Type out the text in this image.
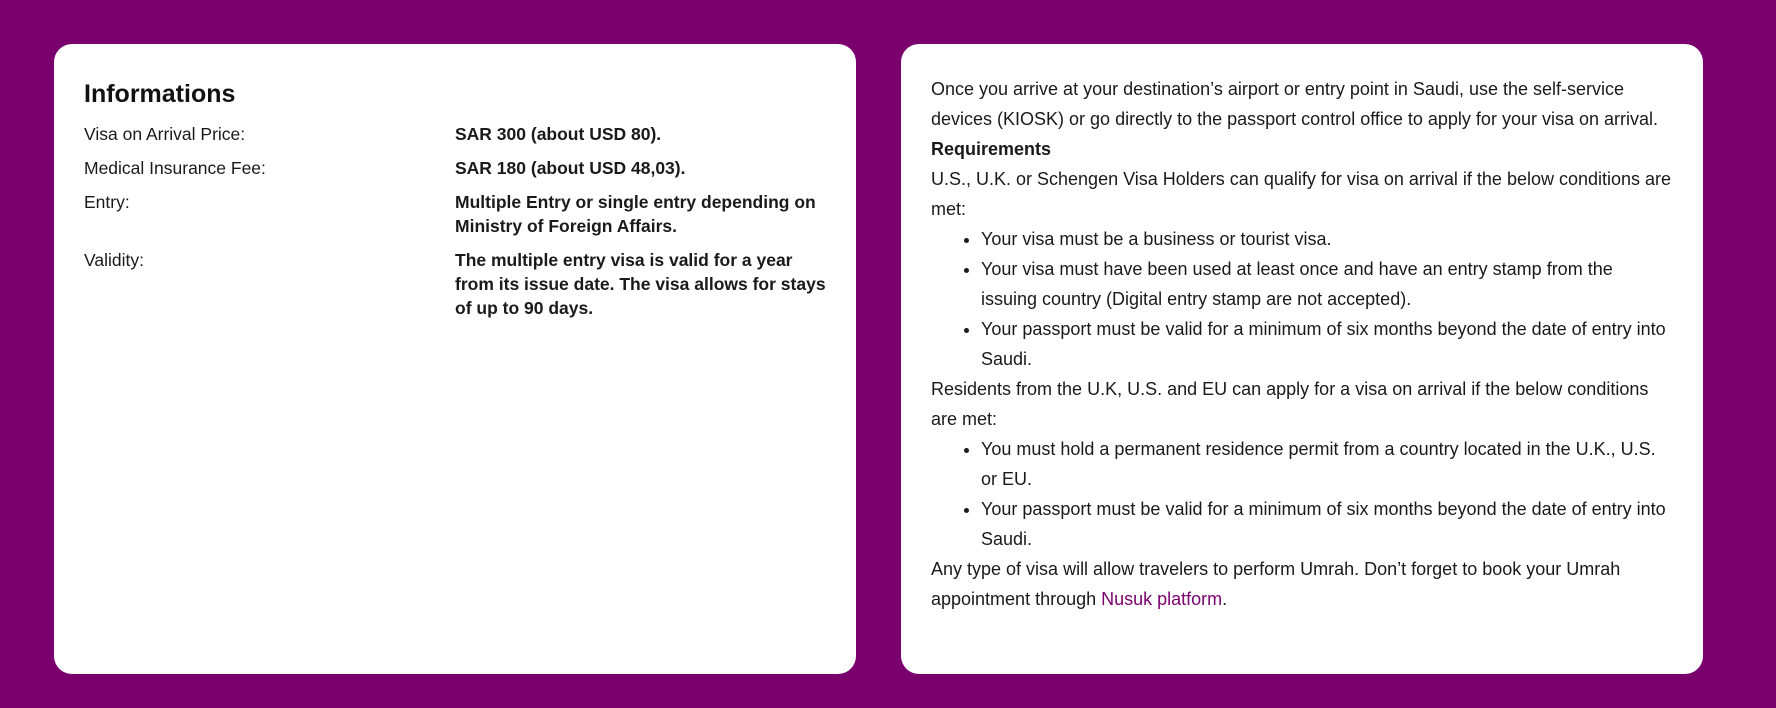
Informations
Visa on Arrival Price:	SAR 300 (about USD 80).
Medical Insurance Fee:	SAR 180 (about USD 48,03).
Entry:	Multiple Entry or single entry depending on Ministry of Foreign Affairs.
Validity:	The multiple entry visa is valid for a year from its issue date. The visa allows for stays of up to 90 days.

Once you arrive at your destination’s airport or entry point in Saudi, use the self-service devices (KIOSK) or go directly to the passport control office to apply for your visa on arrival.

Requirements

U.S., U.K. or Schengen Visa Holders can qualify for visa on arrival if the below conditions are met:

• Your visa must be a business or tourist visa.
• Your visa must have been used at least once and have an entry stamp from the issuing country (Digital entry stamp are not accepted).
• Your passport must be valid for a minimum of six months beyond the date of entry into Saudi.

Residents from the U.K, U.S. and EU can apply for a visa on arrival if the below conditions are met:

• You must hold a permanent residence permit from a country located in the U.K., U.S. or EU.
• Your passport must be valid for a minimum of six months beyond the date of entry into Saudi.

Any type of visa will allow travelers to perform Umrah. Don’t forget to book your Umrah appointment through Nusuk platform.
